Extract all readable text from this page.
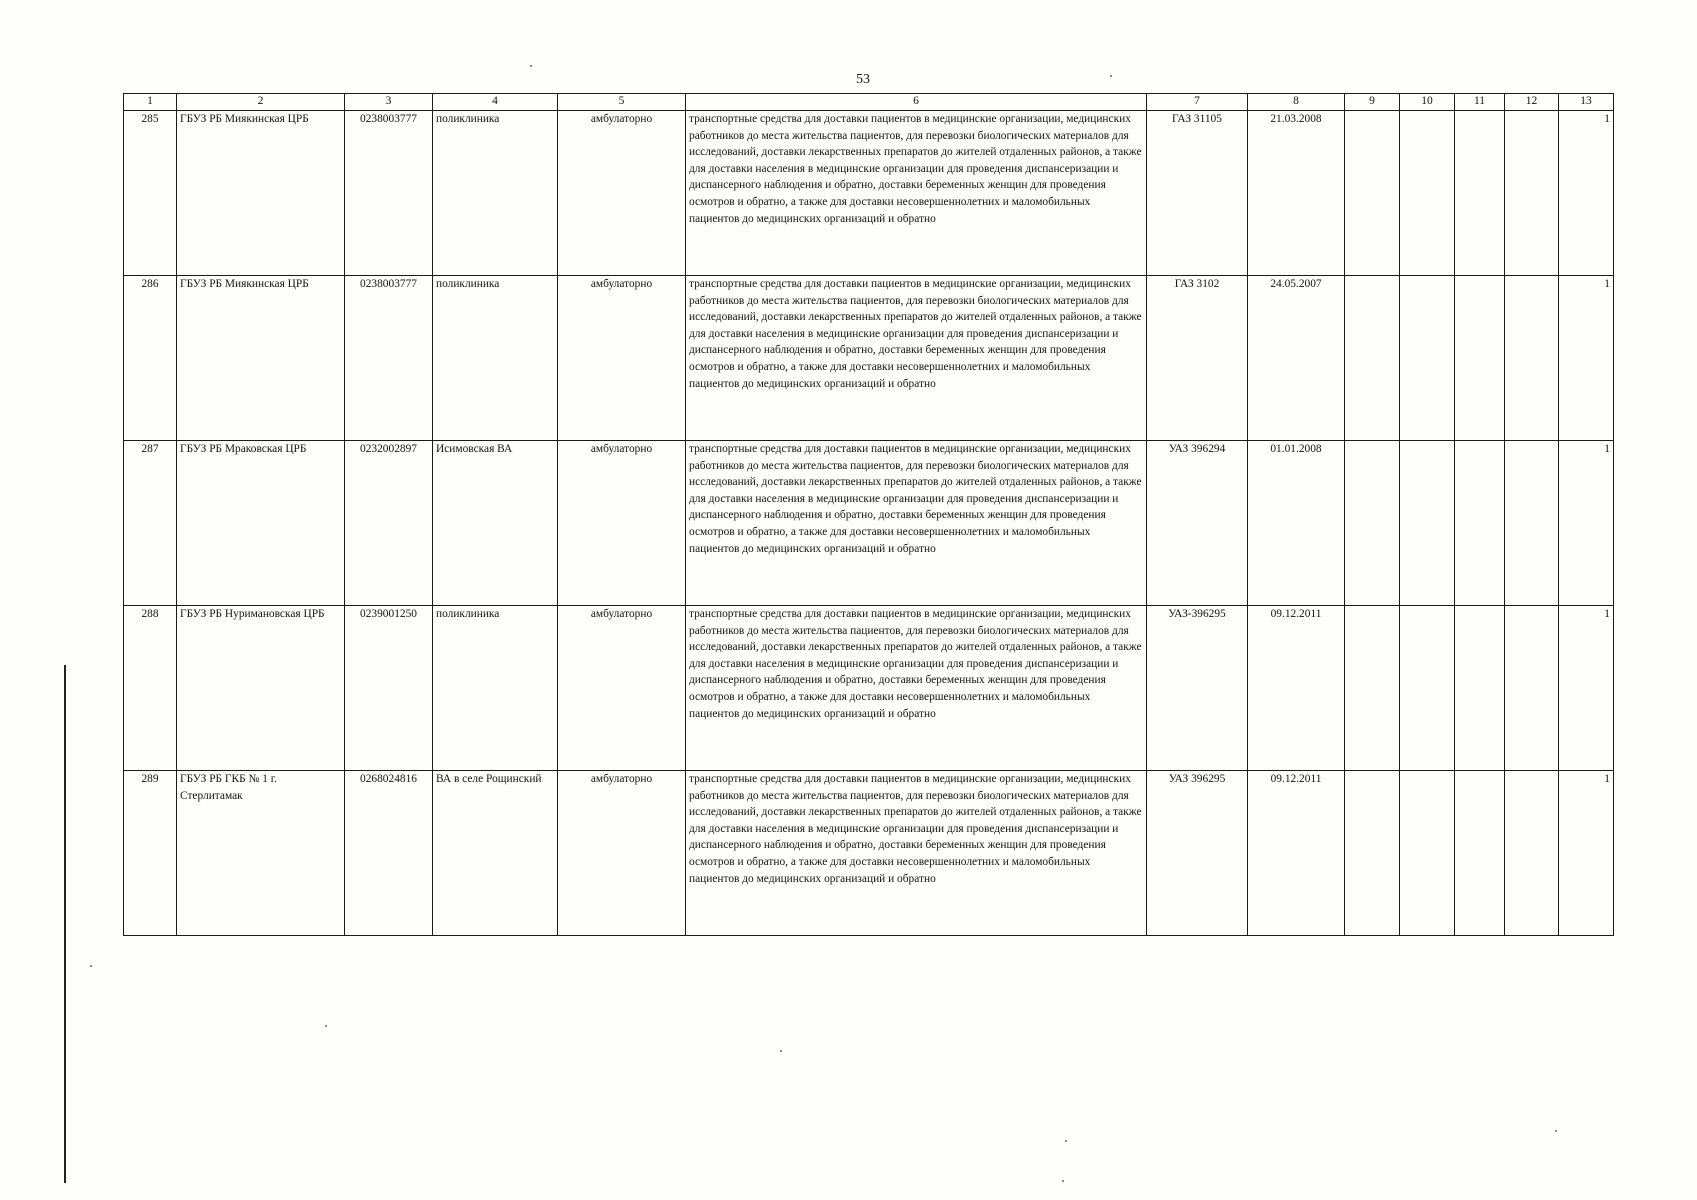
53
1	2	3	4	5	6	7	8	9	10	11	12	13
285	ГБУЗ РБ Миякинская ЦРБ	0238003777	поликлиника	амбулаторно	транспортные средства для доставки пациентов в медицинские организации, медицинских работников до места жительства пациентов, для перевозки биологических материалов для исследований, доставки лекарственных препаратов до жителей отдаленных районов, а также для доставки населения в медицинские организации для проведения диспансеризации и диспансерного наблюдения и обратно, доставки беременных женщин для проведения осмотров и обратно, а также для доставки несовершеннолетних и маломобильных пациентов до медицинских организаций и обратно	ГАЗ 31105	21.03.2008					1
286	ГБУЗ РБ Миякинская ЦРБ	0238003777	поликлиника	амбулаторно	транспортные средства для доставки пациентов в медицинские организации, медицинских работников до места жительства пациентов, для перевозки биологических материалов для исследований, доставки лекарственных препаратов до жителей отдаленных районов, а также для доставки населения в медицинские организации для проведения диспансеризации и диспансерного наблюдения и обратно, доставки беременных женщин для проведения осмотров и обратно, а также для доставки несовершеннолетних и маломобильных пациентов до медицинских организаций и обратно	ГАЗ 3102	24.05.2007					1
287	ГБУЗ РБ Мраковская ЦРБ	0232002897	Исимовская ВА	амбулаторно	транспортные средства для доставки пациентов в медицинские организации, медицинских работников до места жительства пациентов, для перевозки биологических материалов для исследований, доставки лекарственных препаратов до жителей отдаленных районов, а также для доставки населения в медицинские организации для проведения диспансеризации и диспансерного наблюдения и обратно, доставки беременных женщин для проведения осмотров и обратно, а также для доставки несовершеннолетних и маломобильных пациентов до медицинских организаций и обратно	УАЗ 396294	01.01.2008					1
288	ГБУЗ РБ Нуримановская ЦРБ	0239001250	поликлиника	амбулаторно	транспортные средства для доставки пациентов в медицинские организации, медицинских работников до места жительства пациентов, для перевозки биологических материалов для исследований, доставки лекарственных препаратов до жителей отдаленных районов, а также для доставки населения в медицинские организации для проведения диспансеризации и диспансерного наблюдения и обратно, доставки беременных женщин для проведения осмотров и обратно, а также для доставки несовершеннолетних и маломобильных пациентов до медицинских организаций и обратно	УАЗ-396295	09.12.2011					1
289	ГБУЗ РБ ГКБ № 1 г. Стерлитамак	0268024816	ВА в селе Рощинский	амбулаторно	транспортные средства для доставки пациентов в медицинские организации, медицинских работников до места жительства пациентов, для перевозки биологических материалов для исследований, доставки лекарственных препаратов до жителей отдаленных районов, а также для доставки населения в медицинские организации для проведения диспансеризации и диспансерного наблюдения и обратно, доставки беременных женщин для проведения осмотров и обратно, а также для доставки несовершеннолетних и маломобильных пациентов до медицинских организаций и обратно	УАЗ 396295	09.12.2011					1
